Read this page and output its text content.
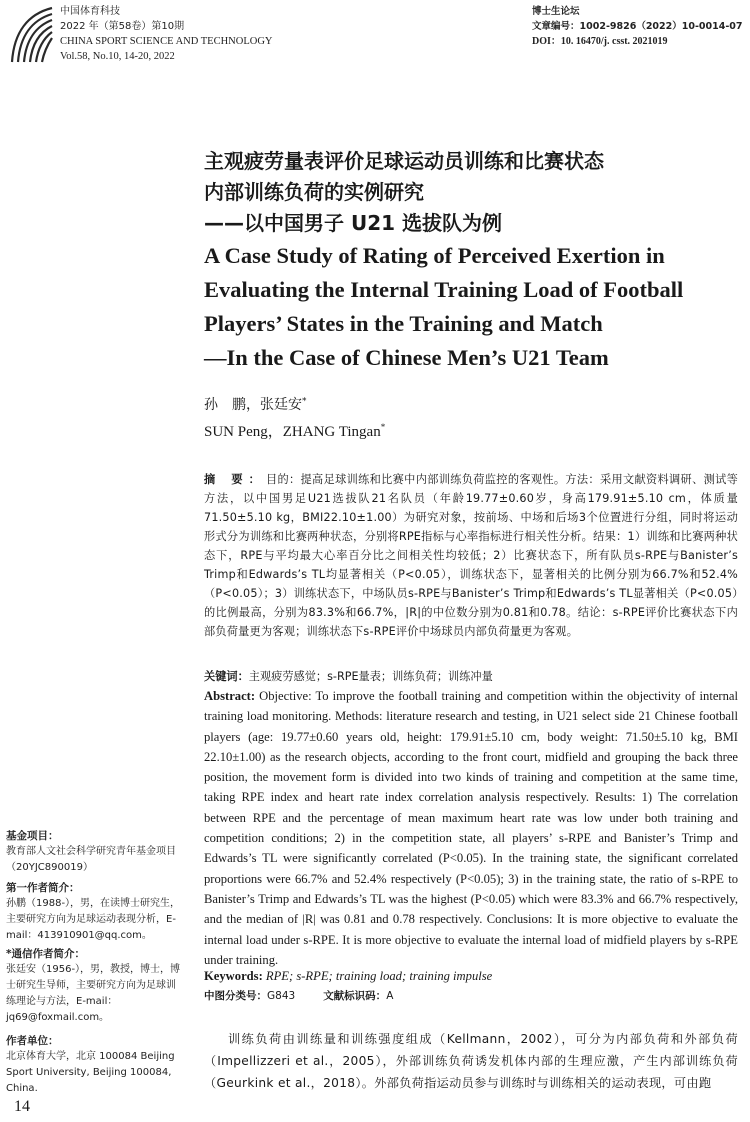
中国体育科技
2022 年（第58卷）第10期
CHINA SPORT SCIENCE AND TECHNOLOGY
Vol.58, No.10, 14-20, 2022
博士生论坛
文章编号：1002-9826（2022）10-0014-07
DOI：10. 16470/j. csst. 2021019
主观疲劳量表评价足球运动员训练和比赛状态
内部训练负荷的实例研究
——以中国男子 U21 选拔队为例
A Case Study of Rating of Perceived Exertion in
Evaluating the Internal Training Load of Football
Players’ States in the Training and Match
—In the Case of Chinese Men’s U21 Team
孙　鹏，张廷安*
SUN Peng，ZHANG Tingan*
摘 要：目的：提高足球训练和比赛中内部训练负荷监控的客观性。方法：采用文献资料调研、测试等方法，以中国男足U21选拔队21名队员（年龄19.77±0.60岁，身高179.91±5.10 cm，体质量71.50±5.10 kg，BMI22.10±1.00）为研究对象，按前场、中场和后场3个位置进行分组，同时将运动形式分为训练和比赛两种状态，分别将RPE指标与心率指标进行相关性分析。结果：1）训练和比赛两种状态下，RPE与平均最大心率百分比之间相关性均较低；2）比赛状态下，所有队员s-RPE与Banister’s Trimp和Edwards’s TL均显著相关（P<0.05），训练状态下，显著相关的比例分别为66.7%和52.4%（P<0.05）；3）训练状态下，中场队员s-RPE与Banister’s Trimp和Edwards’s TL显著相关（P<0.05）的比例最高，分别为83.3%和66.7%，|R|的中位数分别为0.81和0.78。结论：s-RPE评价比赛状态下内部负荷量更为客观；训练状态下s-RPE评价中场球员内部负荷量更为客观。
关键词：主观疲劳感觉；s-RPE量表；训练负荷；训练冲量
Abstract: Objective: To improve the football training and competition within the objectivity of internal training load monitoring. Methods: literature research and testing, in U21 select side 21 Chinese football players (age: 19.77±0.60 years old, height: 179.91±5.10 cm, body weight: 71.50±5.10 kg, BMI 22.10±1.00) as the research objects, according to the front court, midfield and grouping the back three position, the movement form is divided into two kinds of training and competition at the same time, taking RPE index and heart rate index correlation analysis respectively. Results: 1) The correlation between RPE and the percentage of mean maximum heart rate was low under both training and competition conditions; 2) in the competition state, all players’ s-RPE and Banister’s Trimp and Edwards’s TL were significantly correlated (P<0.05). In the training state, the significant correlated proportions were 66.7% and 52.4% respectively (P<0.05); 3) in the training state, the ratio of s-RPE to Banister’s Trimp and Edwards’s TL was the highest (P<0.05) which were 83.3% and 66.7% respectively, and the median of |R| was 0.81 and 0.78 respectively. Conclusions: It is more objective to evaluate the internal load under s-RPE. It is more objective to evaluate the internal load of midfield players by s-RPE under training.
Keywords: RPE; s-RPE; training load; training impulse
中图分类号：G843	文献标识码：A
基金项目：
教育部人文社会科学研究青年基金项目（20YJC890019）
第一作者简介：
孙鹏（1988-），男，在读博士研究生，主要研究方向为足球运动表现分析，E-mail：413910901@qq.com。
*通信作者简介：
张廷安（1956-），男，教授，博士，博士研究生导师，主要研究方向为足球训练理论与方法，E-mail：jq69@foxmail.com。
作者单位：
北京体育大学，北京 100084 Beijing Sport University, Beijing 100084, China.
训练负荷由训练量和训练强度组成（Kellmann，2002），可分为内部负荷和外部负荷（Impellizzeri et al.，2005），外部训练负荷诱发机体内部的生理应激，产生内部训练负荷（Geurkink et al.，2018）。外部负荷指运动员参与训练时与训练相关的运动表现，可由跑
14
